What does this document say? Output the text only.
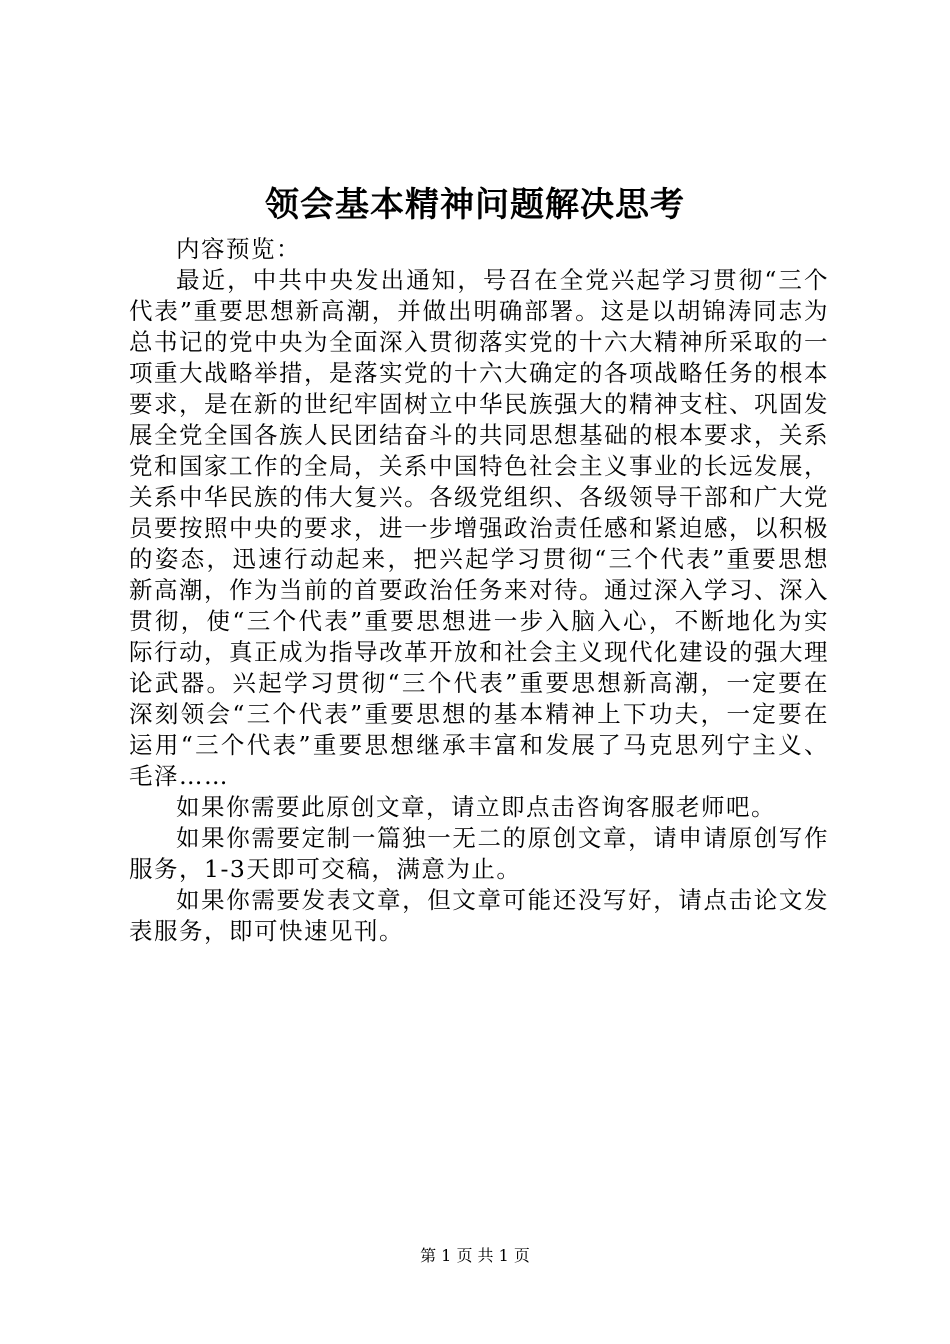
领会基本精神问题解决思考

内容预览：

最近，中共中央发出通知，号召在全党兴起学习贯彻“三个代表”重要思想新高潮，并做出明确部署。这是以胡锦涛同志为总书记的党中央为全面深入贯彻落实党的十六大精神所采取的一项重大战略举措，是落实党的十六大确定的各项战略任务的根本要求，是在新的世纪牢固树立中华民族强大的精神支柱、巩固发展全党全国各族人民团结奋斗的共同思想基础的根本要求，关系党和国家工作的全局，关系中国特色社会主义事业的长远发展，关系中华民族的伟大复兴。各级党组织、各级领导干部和广大党员要按照中央的要求，进一步增强政治责任感和紧迫感，以积极的姿态，迅速行动起来，把兴起学习贯彻“三个代表”重要思想新高潮，作为当前的首要政治任务来对待。通过深入学习、深入贯彻，使“三个代表”重要思想进一步入脑入心，不断地化为实际行动，真正成为指导改革开放和社会主义现代化建设的强大理论武器。兴起学习贯彻“三个代表”重要思想新高潮，一定要在深刻领会“三个代表”重要思想的基本精神上下功夫，一定要在运用“三个代表”重要思想继承丰富和发展了马克思列宁主义、毛泽……

如果你需要此原创文章，请立即点击咨询客服老师吧。

如果你需要定制一篇独一无二的原创文章，请申请原创写作服务，1-3天即可交稿，满意为止。

如果你需要发表文章，但文章可能还没写好，请点击论文发表服务，即可快速见刊。

第 1 页 共 1 页
